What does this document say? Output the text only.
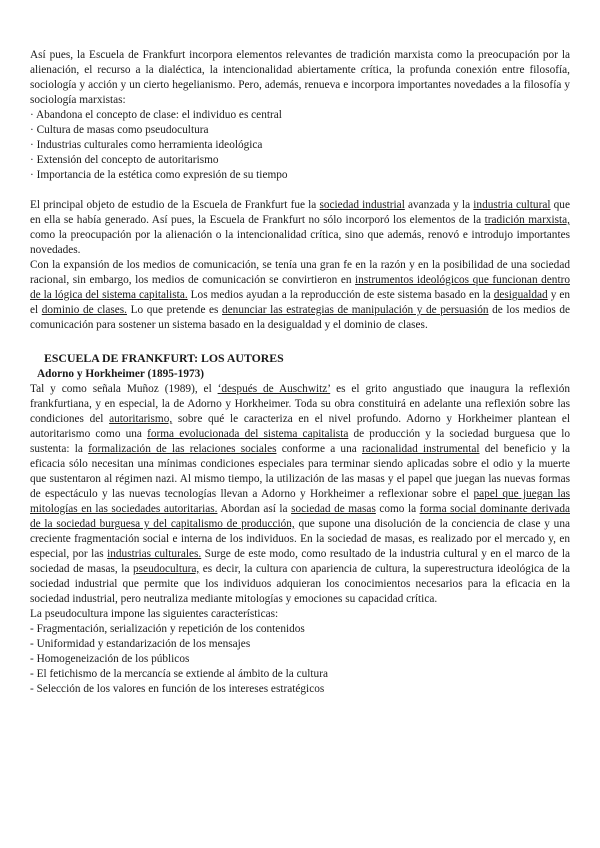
Así pues, la Escuela de Frankfurt incorpora elementos relevantes de tradición marxista como la preocupación por la alienación, el recurso a la dialéctica, la intencionalidad abiertamente crítica, la profunda conexión entre filosofía, sociología y acción y un cierto hegelianismo. Pero, además, renueva e incorpora importantes novedades a la filosofía y sociología marxistas:

· Abandona el concepto de clase: el individuo es central
· Cultura de masas como pseudocultura
· Industrias culturales como herramienta ideológica
· Extensión del concepto de autoritarismo
· Importancia de la estética como expresión de su tiempo

El principal objeto de estudio de la Escuela de Frankfurt fue la sociedad industrial avanzada y la industria cultural que en ella se había generado. Así pues, la Escuela de Frankfurt no sólo incorporó los elementos de la tradición marxista, como la preocupación por la alienación o la intencionalidad crítica, sino que además, renovó e introdujo importantes novedades.

Con la expansión de los medios de comunicación, se tenía una gran fe en la razón y en la posibilidad de una sociedad racional, sin embargo, los medios de comunicación se convirtieron en instrumentos ideológicos que funcionan dentro de la lógica del sistema capitalista. Los medios ayudan a la reproducción de este sistema basado en la desigualdad y en el dominio de clases. Lo que pretende es denunciar las estrategias de manipulación y de persuasión de los medios de comunicación para sostener un sistema basado en la desigualdad y el dominio de clases.

ESCUELA DE FRANKFURT: LOS AUTORES
Adorno y Horkheimer (1895-1973)

Tal y como señala Muñoz (1989), el ‘después de Auschwitz’ es el grito angustiado que inaugura la reflexión frankfurtiana, y en especial, la de Adorno y Horkheimer. Toda su obra constituirá en adelante una reflexión sobre las condiciones del autoritarismo, sobre qué le caracteriza en el nivel profundo. Adorno y Horkheimer plantean el autoritarismo como una forma evolucionada del sistema capitalista de producción y la sociedad burguesa que lo sustenta: la formalización de las relaciones sociales conforme a una racionalidad instrumental del beneficio y la eficacia sólo necesitan una mínimas condiciones especiales para terminar siendo aplicadas sobre el odio y la muerte que sustentaron al régimen nazi. Al mismo tiempo, la utilización de las masas y el papel que juegan las nuevas formas de espectáculo y las nuevas tecnologías llevan a Adorno y Horkheimer a reflexionar sobre el papel que juegan las mitologías en las sociedades autoritarias. Abordan así la sociedad de masas como la forma social dominante derivada de la sociedad burguesa y del capitalismo de producción, que supone una disolución de la conciencia de clase y una creciente fragmentación social e interna de los individuos. En la sociedad de masas, es realizado por el mercado y, en especial, por las industrias culturales. Surge de este modo, como resultado de la industria cultural y en el marco de la sociedad de masas, la pseudocultura, es decir, la cultura con apariencia de cultura, la superestructura ideológica de la sociedad industrial que permite que los individuos adquieran los conocimientos necesarios para la eficacia en la sociedad industrial, pero neutraliza mediante mitologías y emociones su capacidad crítica.

La pseudocultura impone las siguientes características:

- Fragmentación, serialización y repetición de los contenidos
- Uniformidad y estandarización de los mensajes
- Homogeneización de los públicos
- El fetichismo de la mercancía se extiende al ámbito de la cultura
- Selección de los valores en función de los intereses estratégicos
